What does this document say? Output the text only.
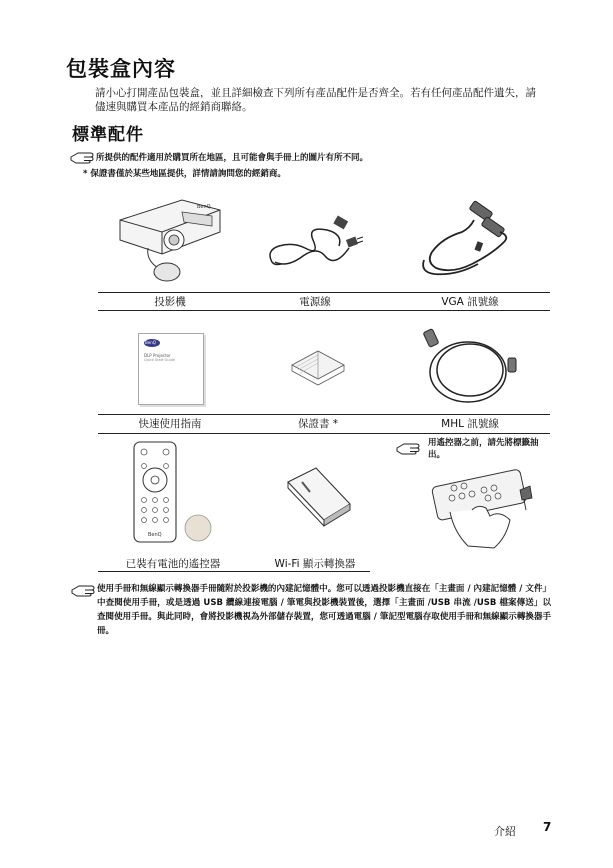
包裝盒內容
請小心打開產品包裝盒，並且詳細檢查下列所有產品配件是否齊全。若有任何產品配件遺失，請儘速與購買本產品的經銷商聯絡。
標準配件
所提供的配件適用於購買所在地區，且可能會與手冊上的圖片有所不同。
* 保證書僅於某些地區提供，詳情請詢問您的經銷商。
BenQ
投影機	電源線	VGA 訊號線
BenQ
DLP Projector
Quick Start Guide
快速使用指南	保證書 *	MHL 訊號線
BenQ
已裝有電池的遙控器	Wi-Fi 顯示轉換器
用遙控器之前，請先將標籤抽出。
使用手冊和無線顯示轉換器手冊隨附於投影機的內建記憶體中。您可以透過投影機直接在「主畫面 / 內建記憶體 / 文件」中查閱使用手冊，或是透過 USB 纜線連接電腦 / 筆電與投影機裝置後，選擇「主畫面 /USB 串流 /USB 檔案傳送」以查閱使用手冊。與此同時，會將投影機視為外部儲存裝置，您可透過電腦 / 筆記型電腦存取使用手冊和無線顯示轉換器手冊。
介紹 7
